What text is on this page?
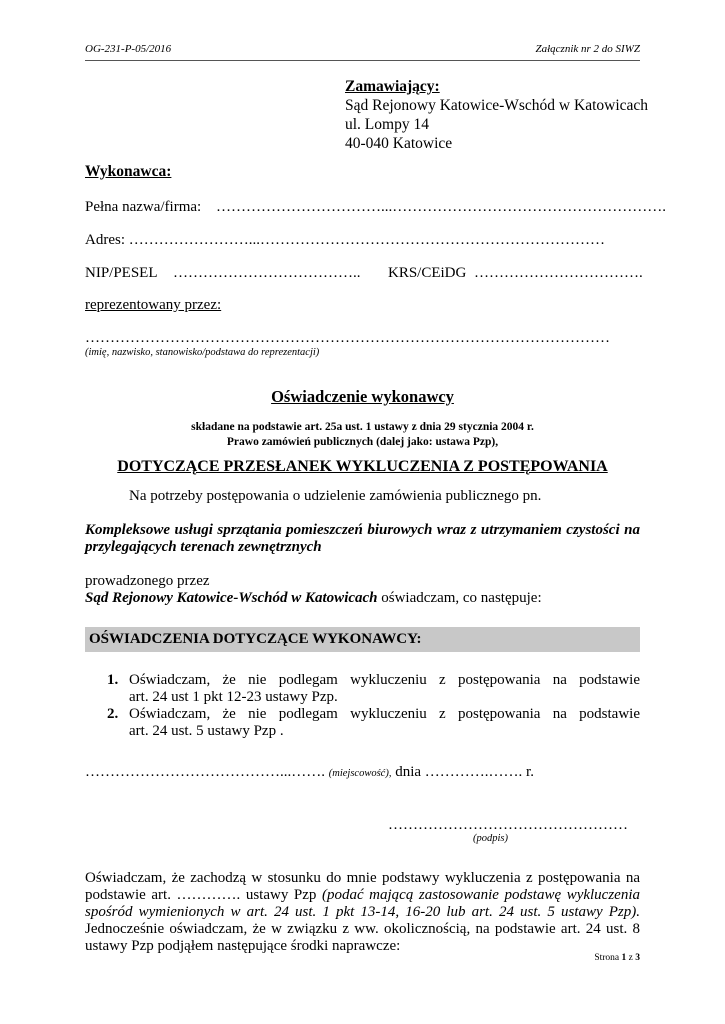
OG-231-P-05/2016	Załącznik nr 2 do SIWZ
Zamawiający:
Sąd Rejonowy Katowice-Wschód w Katowicach
ul. Lompy 14
40-040 Katowice
Wykonawca:
Pełna nazwa/firma: ……………………………...……………………………………………….
Adres: ……………………...……………………………………………………………
NIP/PESEL ……………………………….. KRS/CEiDG …………………………….
reprezentowany przez:
……………………………………………………………………………………………
(imię, nazwisko, stanowisko/podstawa do reprezentacji)
Oświadczenie wykonawcy
składane na podstawie art. 25a ust. 1 ustawy z dnia 29 stycznia 2004 r.
Prawo zamówień publicznych (dalej jako: ustawa Pzp),
DOTYCZĄCE PRZESŁANEK WYKLUCZENIA Z POSTĘPOWANIA
Na potrzeby postępowania o udzielenie zamówienia publicznego pn.
Kompleksowe usługi sprzątania pomieszczeń biurowych wraz z utrzymaniem czystości na
przylegających terenach zewnętrznych
prowadzonego przez
Sąd Rejonowy Katowice-Wschód w Katowicach oświadczam, co następuje:
OŚWIADCZENIA DOTYCZĄCE WYKONAWCY:
1. Oświadczam, że nie podlegam wykluczeniu z postępowania na podstawie
art. 24 ust 1 pkt 12-23 ustawy Pzp.
2. Oświadczam, że nie podlegam wykluczeniu z postępowania na podstawie
art. 24 ust. 5 ustawy Pzp .
…………………………………...……. (miejscowość), dnia ………….……. r.
…………………………………………
(podpis)
Oświadczam, że zachodzą w stosunku do mnie podstawy wykluczenia z postępowania na
podstawie art. …………. ustawy Pzp (podać mającą zastosowanie podstawę wykluczenia
spośród wymienionych w art. 24 ust. 1 pkt 13-14, 16-20 lub art. 24 ust. 5 ustawy Pzp).
Jednocześnie oświadczam, że w związku z ww. okolicznością, na podstawie art. 24 ust. 8
ustawy Pzp podjąłem następujące środki naprawcze:
Strona 1 z 3
